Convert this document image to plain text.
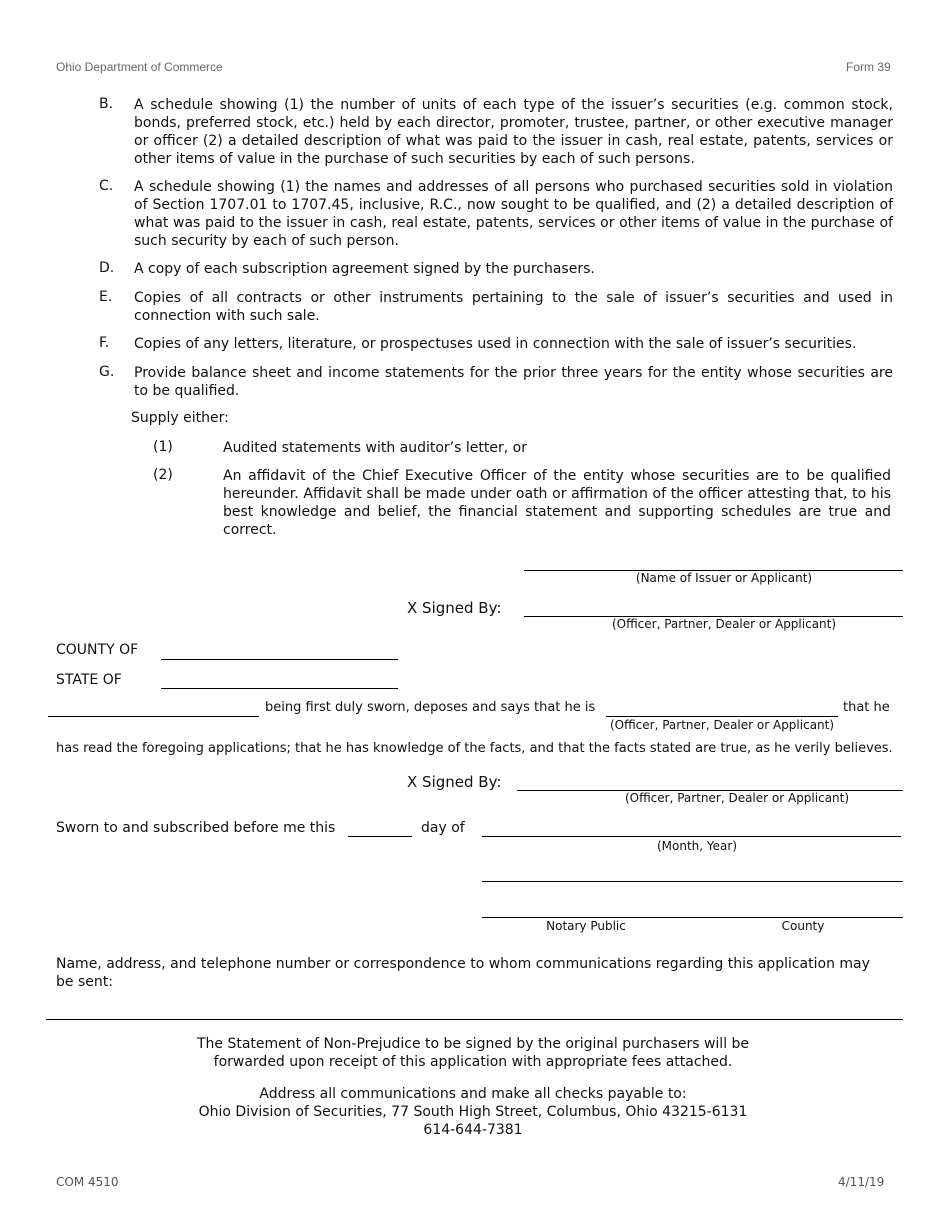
Ohio Department of Commerce	Form 39
B. A schedule showing (1) the number of units of each type of the issuer’s securities (e.g. common stock, bonds, preferred stock, etc.) held by each director, promoter, trustee, partner, or other executive manager or officer (2) a detailed description of what was paid to the issuer in cash, real estate, patents, services or other items of value in the purchase of such securities by each of such persons.
C. A schedule showing (1) the names and addresses of all persons who purchased securities sold in violation of Section 1707.01 to 1707.45, inclusive, R.C., now sought to be qualified, and (2) a detailed description of what was paid to the issuer in cash, real estate, patents, services or other items of value in the purchase of such security by each of such person.
D. A copy of each subscription agreement signed by the purchasers.
E. Copies of all contracts or other instruments pertaining to the sale of issuer’s securities and used in connection with such sale.
F. Copies of any letters, literature, or prospectuses used in connection with the sale of issuer’s securities.
G. Provide balance sheet and income statements for the prior three years for the entity whose securities are to be qualified.
Supply either:
(1)	Audited statements with auditor’s letter, or
(2)	An affidavit of the Chief Executive Officer of the entity whose securities are to be qualified hereunder. Affidavit shall be made under oath or affirmation of the officer attesting that, to his best knowledge and belief, the financial statement and supporting schedules are true and correct.
(Name of Issuer or Applicant)
X Signed By:
(Officer, Partner, Dealer or Applicant)
COUNTY OF
STATE OF
being first duly sworn, deposes and says that he is
(Officer, Partner, Dealer or Applicant)
that he
has read the foregoing applications; that he has knowledge of the facts, and that the facts stated are true, as he verily believes.
X Signed By:
(Officer, Partner, Dealer or Applicant)
Sworn to and subscribed before me this	day of
(Month, Year)
Notary Public	County
Name, address, and telephone number or correspondence to whom communications regarding this application may be sent:
The Statement of Non-Prejudice to be signed by the original purchasers will be
forwarded upon receipt of this application with appropriate fees attached.
Address all communications and make all checks payable to:
Ohio Division of Securities, 77 South High Street, Columbus, Ohio 43215-6131
614-644-7381
COM 4510	4/11/19
